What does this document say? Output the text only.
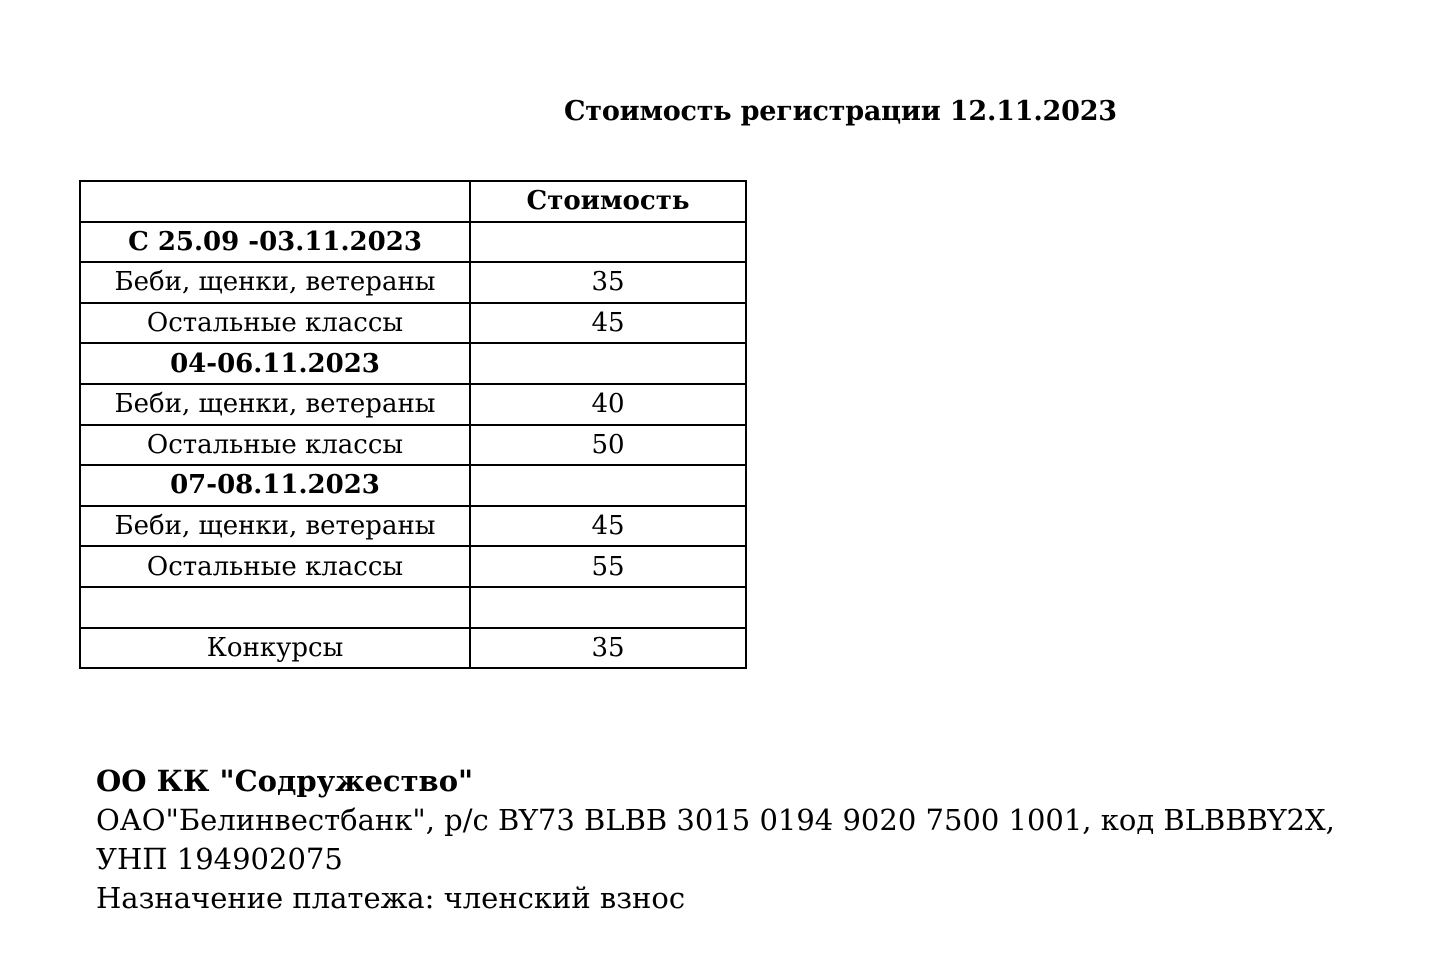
Стоимость регистрации 12.11.2023
	Стоимость
С 25.09 -03.11.2023	
Беби, щенки, ветераны	35
Остальные классы	45
04-06.11.2023	
Беби, щенки, ветераны	40
Остальные классы	50
07-08.11.2023	
Беби, щенки, ветераны	45
Остальные классы	55

Конкурсы	35
ОО КК "Содружество"
ОАО"Белинвестбанк", р/с BY73 BLBB 3015 0194 9020 7500 1001, код BLBBBY2X,
УНП 194902075
Назначение платежа: членский взнос
